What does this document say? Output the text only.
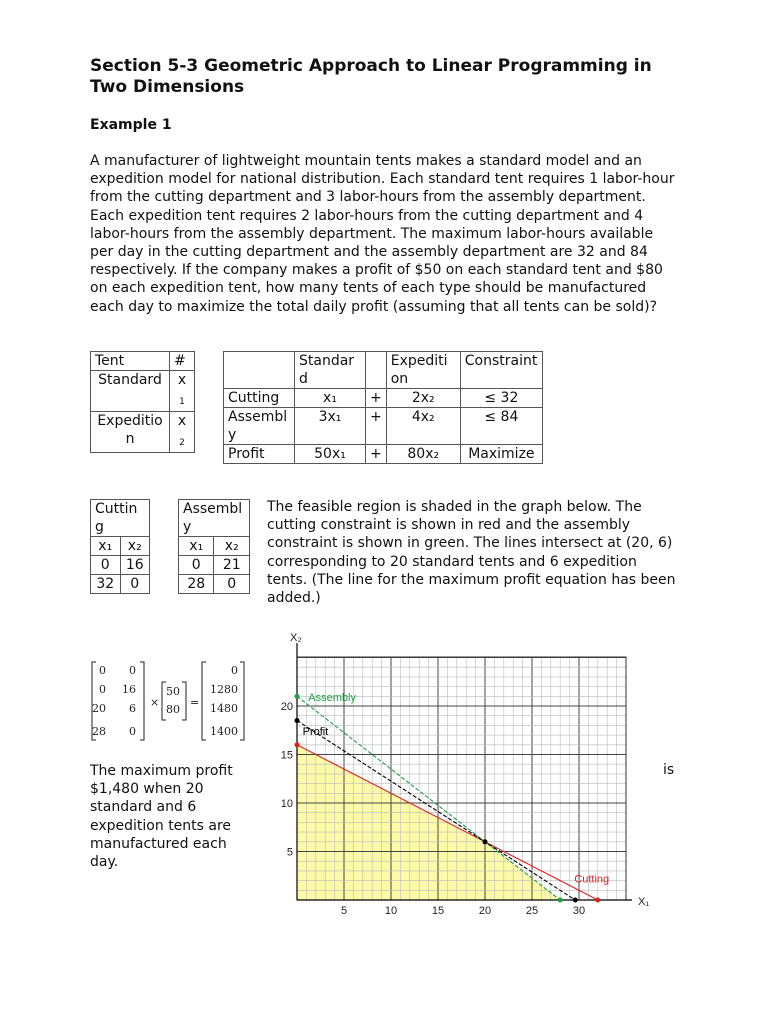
Section 5-3 Geometric Approach to Linear Programming in Two Dimensions
Example 1
A manufacturer of lightweight mountain tents makes a standard model and an expedition model for national distribution. Each standard tent requires 1 labor-hour from the cutting department and 3 labor-hours from the assembly department. Each expedition tent requires 2 labor-hours from the cutting department and 4 labor-hours from the assembly department. The maximum labor-hours available per day in the cutting department and the assembly department are 32 and 84 respectively. If the company makes a profit of $50 on each standard tent and $80 on each expedition tent, how many tents of each type should be manufactured each day to maximize the total daily profit (assuming that all tents can be sold)?
Tent	#
Standard	x
$_1$
Expedition	x
$_2$
	Standard		Expedition	Constraint
Cutting	x₁	+	2x₂	≤ 32
Assembly	3x₁	+	4x₂	≤ 84
Profit	50x₁	+	80x₂	Maximize
Cutting	
x₁	x₂
0	16
32	0
Assembly	
x₁	x₂
0	21
28	0
The feasible region is shaded in the graph below. The cutting constraint is shown in red and the assembly constraint is shown in green. The lines intersect at (20, 6) corresponding to 20 standard tents and 6 expedition tents. (The line for the maximum profit equation has been added.)
0 0
0 16
20 6
28 0
×
50
80
=
0
1280
1480
1400
The maximum profit
$1,480 when 20 standard and 6 expedition tents are manufactured each day.
is
Assembly
Profit
Cutting
5	10	15	20	25	30
5
10
15
20
X₂
X₁
